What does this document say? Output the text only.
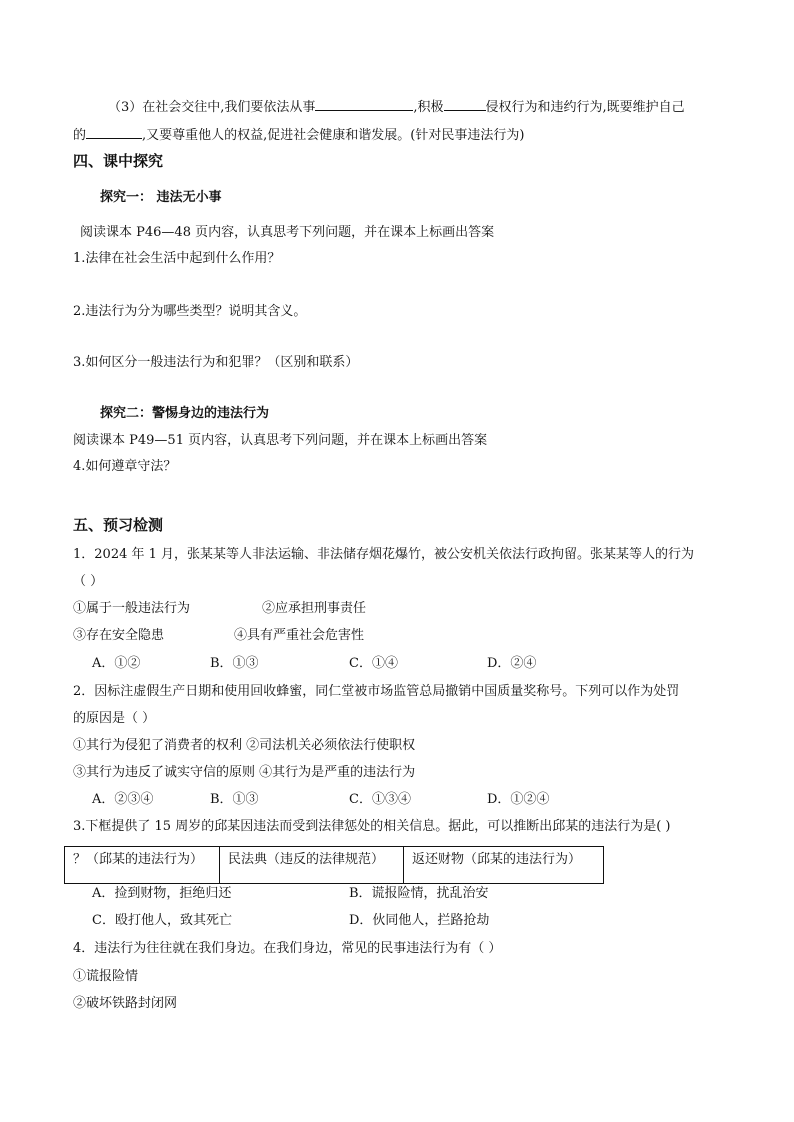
（3）在社会交往中,我们要依法从事	,积极	侵权行为和违约行为,既要维护自己
的	,又要尊重他人的权益,促进社会健康和谐发展。(针对民事违法行为)
四、课中探究
探究一： 违法无小事
阅读课本 P46—48 页内容，认真思考下列问题，并在课本上标画出答案
1.法律在社会生活中起到什么作用？
2.违法行为分为哪些类型？说明其含义。
3.如何区分一般违法行为和犯罪？（区别和联系）
探究二：警惕身边的违法行为
阅读课本 P49—51 页内容，认真思考下列问题，并在课本上标画出答案
4.如何遵章守法？
五、预习检测
1．2024 年 1 月，张某某等人非法运输、非法储存烟花爆竹，被公安机关依法行政拘留。张某某等人的行为
（ ）
①属于一般违法行为	②应承担刑事责任
③存在安全隐患	④具有严重社会危害性
A．①②	B．①③	C．①④	D．②④
2．因标注虚假生产日期和使用回收蜂蜜，同仁堂被市场监管总局撤销中国质量奖称号。下列可以作为处罚
的原因是（ ）
①其行为侵犯了消费者的权利 ②司法机关必须依法行使职权
③其行为违反了诚实守信的原则 ④其行为是严重的违法行为
A．②③④	B．①③	C．①③④	D．①②④
3.下框提供了 15 周岁的邱某因违法而受到法律惩处的相关信息。据此，可以推断出邱某的违法行为是( )
？（邱某的违法行为）	民法典（违反的法律规范）	返还财物（邱某的违法行为）
A．捡到财物，拒绝归还	B．谎报险情，扰乱治安
C．殴打他人，致其死亡	D．伙同他人，拦路抢劫
4．违法行为往往就在我们身边。在我们身边，常见的民事违法行为有（ ）
①谎报险情
②破坏铁路封闭网
